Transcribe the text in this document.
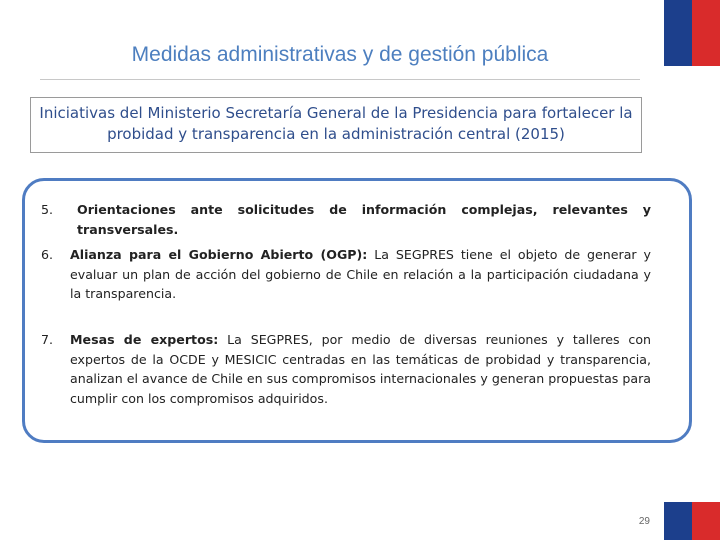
Medidas administrativas y de gestión pública
Iniciativas del Ministerio Secretaría General de la Presidencia para fortalecer la
probidad y transparencia en la administración central (2015)
5. Orientaciones ante solicitudes de información complejas, relevantes y transversales.
6. Alianza para el Gobierno Abierto (OGP): La SEGPRES tiene el objeto de generar y evaluar un plan de acción del gobierno de Chile en relación a la participación ciudadana y la transparencia.
7. Mesas de expertos: La SEGPRES, por medio de diversas reuniones y talleres con expertos de la OCDE y MESICIC centradas en las temáticas de probidad y transparencia, analizan el avance de Chile en sus compromisos internacionales y generan propuestas para cumplir con los compromisos adquiridos.
29
